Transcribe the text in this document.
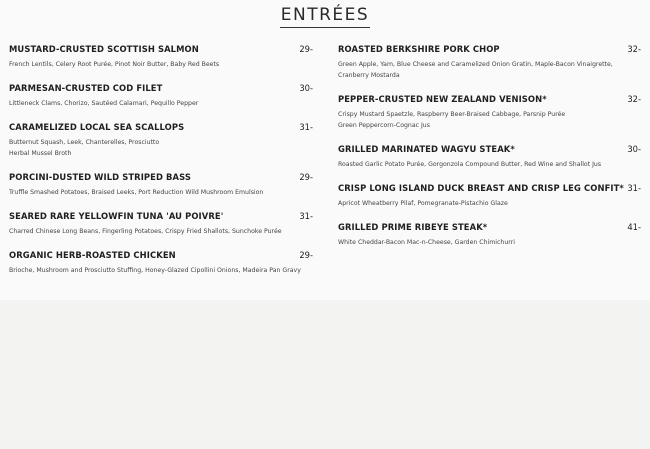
ENTRÉES
MUSTARD-CRUSTED SCOTTISH SALMON	29-
French Lentils, Celery Root Purée, Pinot Noir Butter, Baby Red Beets
PARMESAN-CRUSTED COD FILET	30-
Littleneck Clams, Chorizo, Sautéed Calamari, Pequillo Pepper
CARAMELIZED LOCAL SEA SCALLOPS	31-
Butternut Squash, Leek, Chanterelles, Prosciutto Herbal Mussel Broth
PORCINI-DUSTED WILD STRIPED BASS	29-
Truffle Smashed Potatoes, Braised Leeks, Port Reduction Wild Mushroom Emulsion
SEARED RARE YELLOWFIN TUNA 'AU POIVRE'	31-
Charred Chinese Long Beans, Fingerling Potatoes, Crispy Fried Shallots, Sunchoke Purée
ORGANIC HERB-ROASTED CHICKEN	29-
Brioche, Mushroom and Prosciutto Stuffing, Honey-Glazed Cipollini Onions, Madeira Pan Gravy
ROASTED BERKSHIRE PORK CHOP	32-
Green Apple, Yam, Blue Cheese and Caramelized Onion Gratin, Maple-Bacon Vinaigrette, Cranberry Mostarda
PEPPER-CRUSTED NEW ZEALAND VENISON*	32-
Crispy Mustard Spaetzle, Raspberry Beer-Braised Cabbage, Parsnip Purée Green Peppercorn-Cognac Jus
GRILLED MARINATED WAGYU STEAK*	30-
Roasted Garlic Potato Purée, Gorgonzola Compound Butter, Red Wine and Shallot Jus
CRISP LONG ISLAND DUCK BREAST AND CRISP LEG CONFIT* 31-
Apricot Wheatberry Pilaf, Pomegranate-Pistachio Glaze
GRILLED PRIME RIBEYE STEAK*	41-
White Cheddar-Bacon Mac-n-Cheese, Garden Chimichurri
